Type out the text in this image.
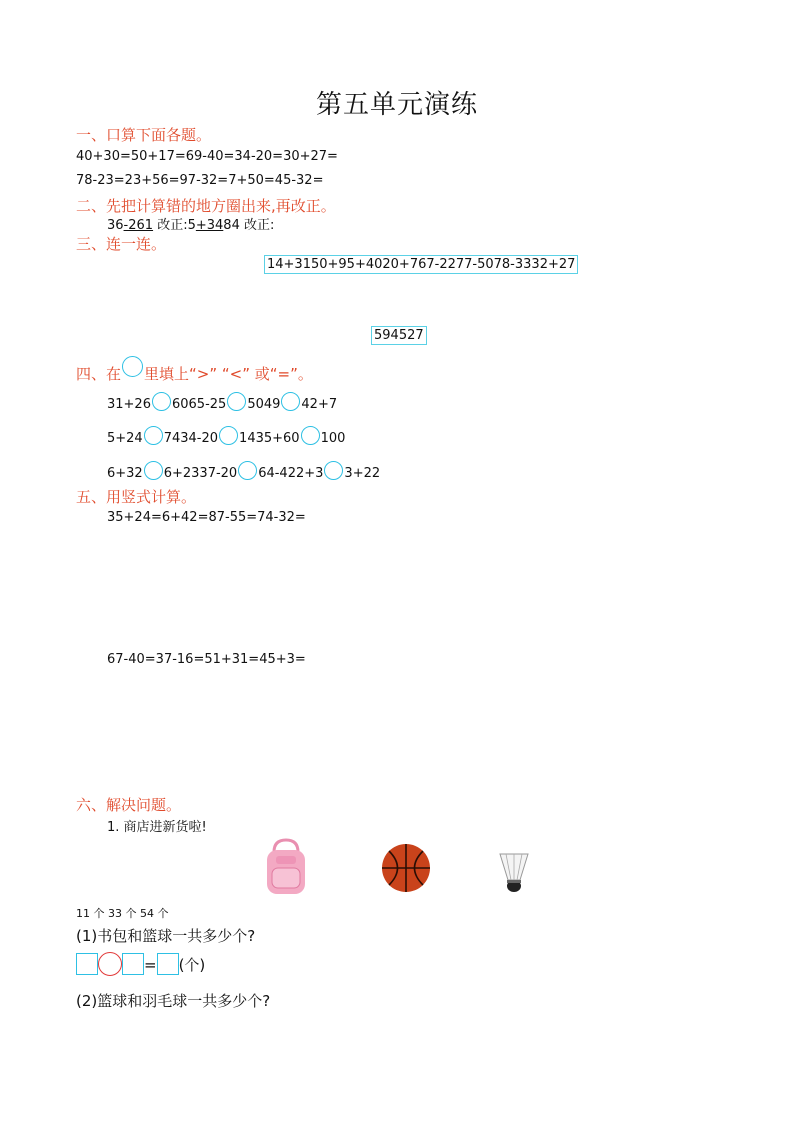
第五单元演练
一、口算下面各题。
40+30=50+17=69-40=34-20=30+27=
78-23=23+56=97-32=7+50=45-32=
二、先把计算错的地方圈出来,再改正。
36-261 改正:5+3484 改正:
三、连一连。
14+3150+95+4020+767-2277-5078-3332+27
594527
四、在 里填上“>” “<” 或“=”。
31+26 6065-25 5049 42+7
5+24 7434-20 1435+60 100
6+32 6+2337-20 64-422+3 3+22
五、用竖式计算。
35+24=6+42=87-55=74-32=
67-40=37-16=51+31=45+3=
六、解决问题。
1. 商店进新货啦!
11 个 33 个 54 个
(1)书包和篮球一共多少个?
= (个)
(2)篮球和羽毛球一共多少个?
